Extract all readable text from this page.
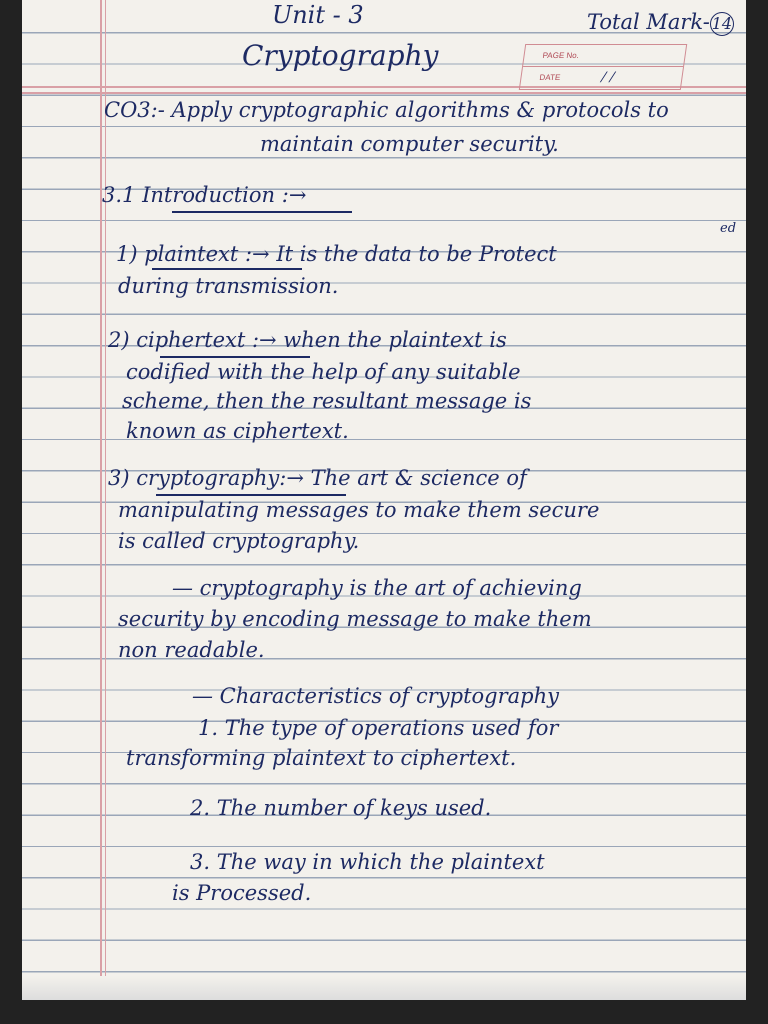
Unit - 3	Total Mark- 14
Cryptography	PAGE No.
DATE	/ /
CO3:- Apply cryptographic algorithms & protocols to
maintain computer security.
3.1 Introduction :→
1) plaintext :→ It is the data to be Protect
ed
during transmission.
2) ciphertext :→ when the plaintext is
codified with the help of any suitable
scheme, then the resultant message is
known as ciphertext.
3) cryptography:→ The art & science of
manipulating messages to make them secure
is called cryptography.
— cryptography is the art of achieving
security by encoding message to make them
non readable.
— Characteristics of cryptography
1. The type of operations used for
transforming plaintext to ciphertext.
2. The number of keys used.
3. The way in which the plaintext
is Processed.
